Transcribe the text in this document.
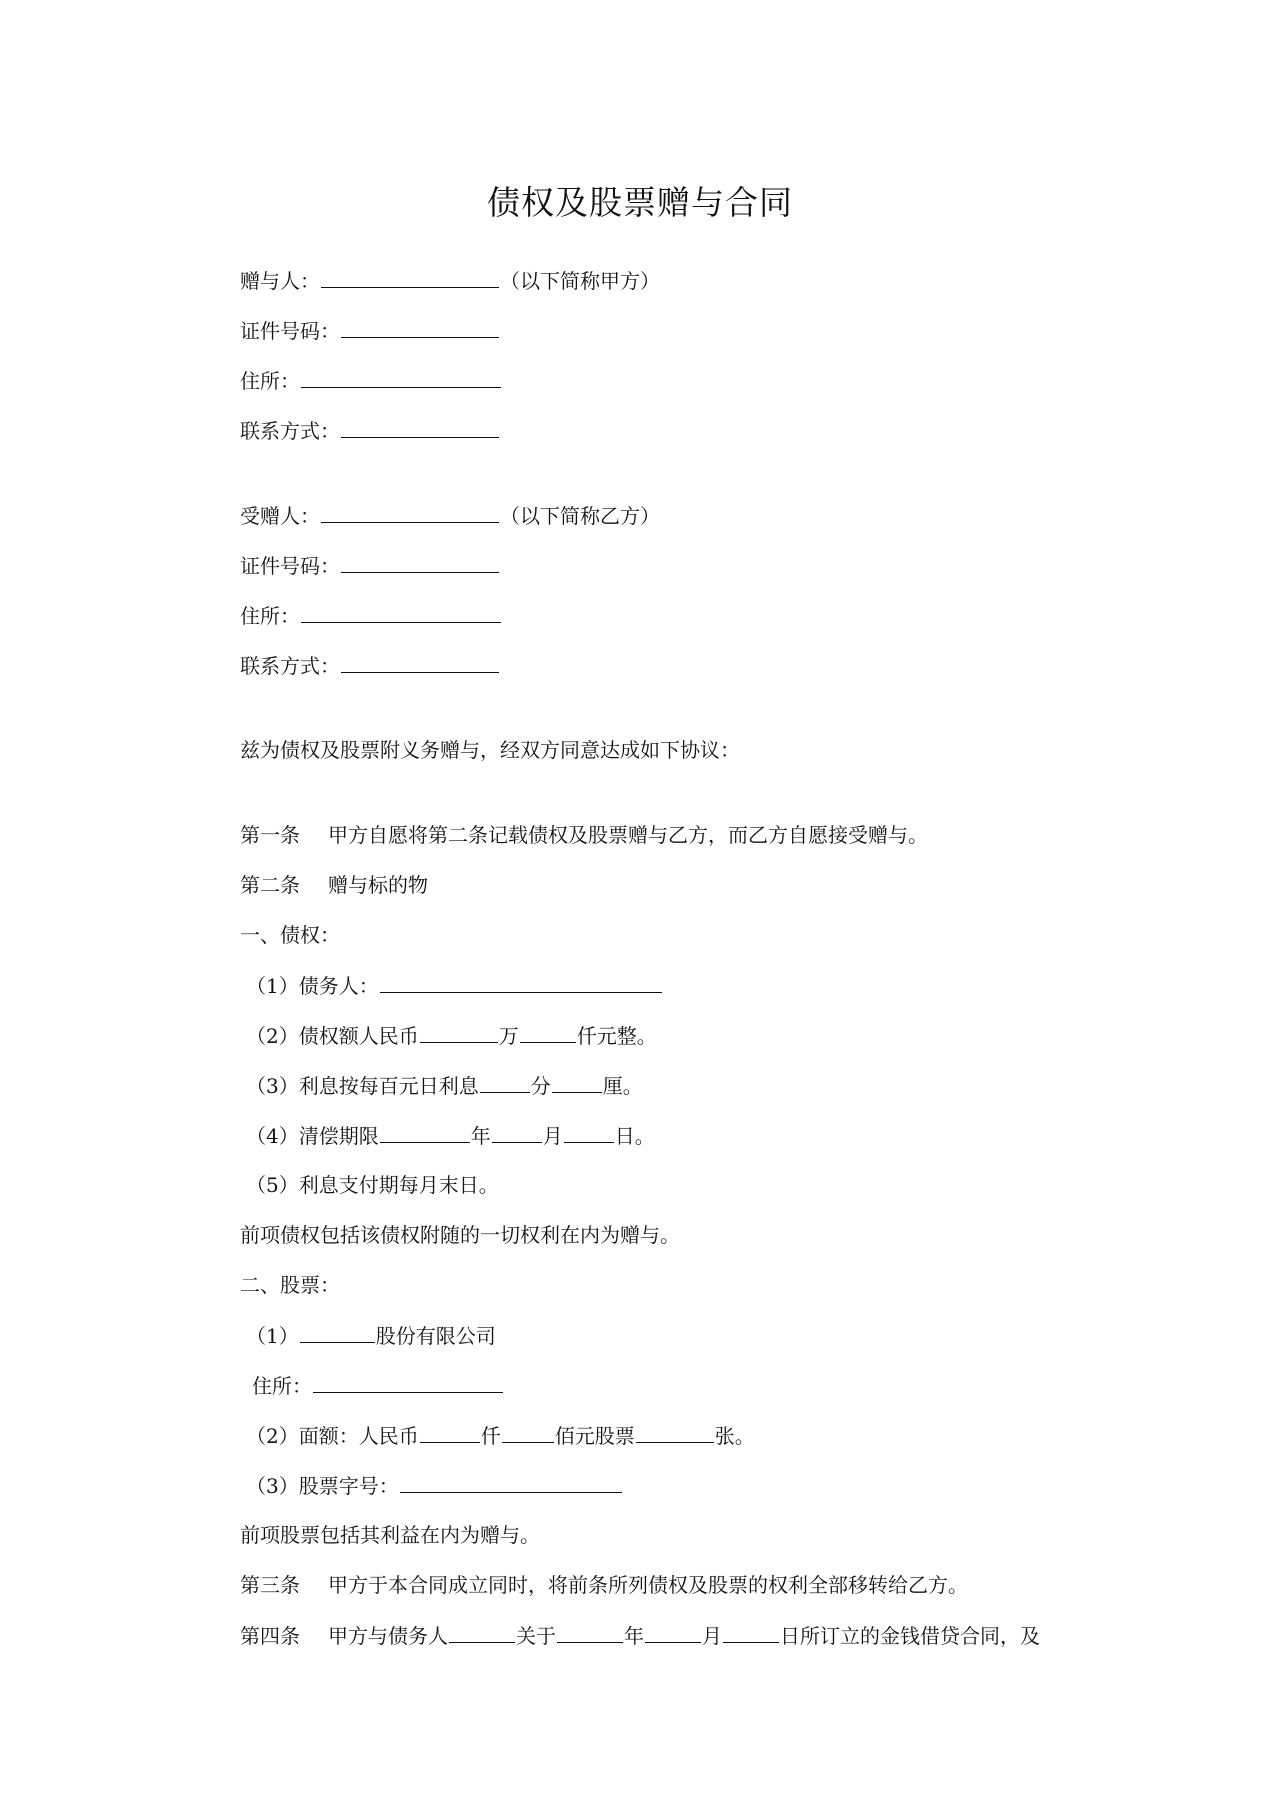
债权及股票赠与合同
赠与人：	（以下简称甲方）
证件号码：
住所：
联系方式：
受赠人：	（以下简称乙方）
证件号码：
住所：
联系方式：
兹为债权及股票附义务赠与，经双方同意达成如下协议：
第一条 甲方自愿将第二条记载债权及股票赠与乙方，而乙方自愿接受赠与。
第二条 赠与标的物
一、债权：
（1）债务人：
（2）债权额人民币	万	仟元整。
（3）利息按每百元日利息	分	厘。
（4）清偿期限	年	月	日。
（5）利息支付期每月末日。
前项债权包括该债权附随的一切权利在内为赠与。
二、股票：
（1）	股份有限公司
住所：
（2）面额：人民币	仟	佰元股票	张。
（3）股票字号：
前项股票包括其利益在内为赠与。
第三条 甲方于本合同成立同时，将前条所列债权及股票的权利全部移转给乙方。
第四条 甲方与债务人	关于	年	月	日所订立的金钱借贷合同，及
